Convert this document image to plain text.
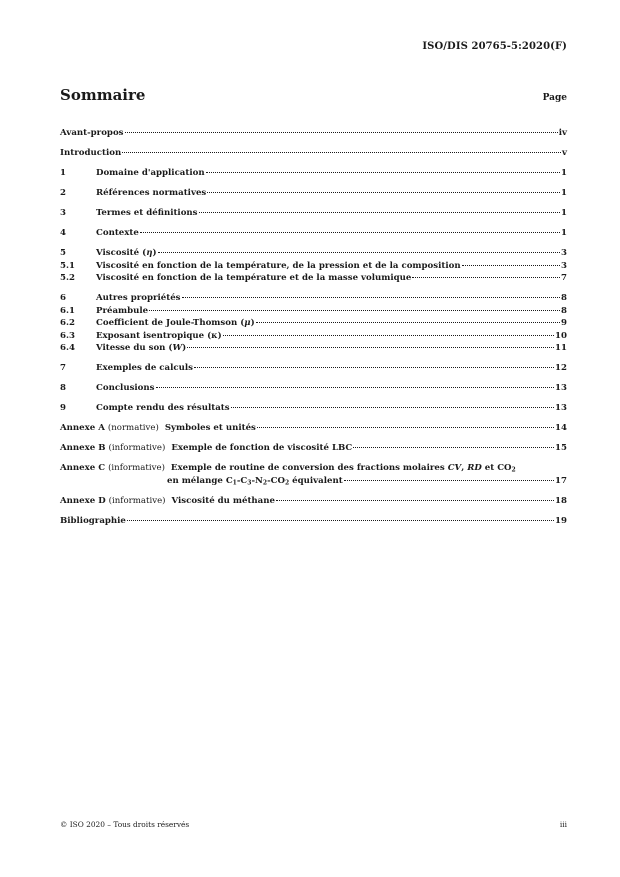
ISO/DIS 20765-5:2020(F)
Sommaire	Page
Avant-propos	iv
Introduction	v
1	Domaine d'application	1
2	Références normatives	1
3	Termes et définitions	1
4	Contexte	1
5	Viscosité (η)	3
5.1	Viscosité en fonction de la température, de la pression et de la composition	3
5.2	Viscosité en fonction de la température et de la masse volumique	7
6	Autres propriétés	8
6.1	Préambule	8
6.2	Coefficient de Joule-Thomson (μ)	9
6.3	Exposant isentropique (κ)	10
6.4	Vitesse du son (W)	11
7	Exemples de calculs	12
8	Conclusions	13
9	Compte rendu des résultats	13
Annexe A (normative) Symboles et unités	14
Annexe B (informative) Exemple de fonction de viscosité LBC	15
Annexe C (informative) Exemple de routine de conversion des fractions molaires CV, RD et $CO_2$
en mélange $C_1-C_3-N_2-CO_2$ équivalent	17
Annexe D (informative) Viscosité du méthane	18
Bibliographie	19
© ISO 2020 – Tous droits réservés	iii
